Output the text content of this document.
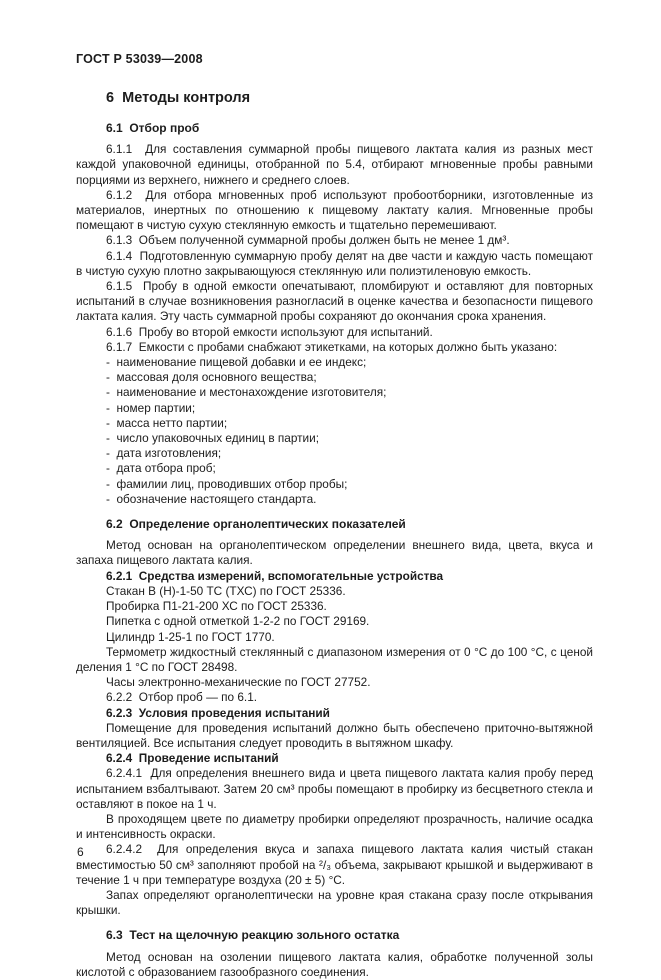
ГОСТ Р 53039—2008
6  Методы контроля
6.1  Отбор проб
6.1.1  Для составления суммарной пробы пищевого лактата калия из разных мест каждой упаковочной единицы, отобранной по 5.4, отбирают мгновенные пробы равными порциями из верхнего, нижнего и среднего слоев.
6.1.2  Для отбора мгновенных проб используют пробоотборники, изготовленные из материалов, инертных по отношению к пищевому лактату калия. Мгновенные пробы помещают в чистую сухую стеклянную емкость и тщательно перемешивают.
6.1.3  Объем полученной суммарной пробы должен быть не менее 1 дм³.
6.1.4  Подготовленную суммарную пробу делят на две части и каждую часть помещают в чистую сухую плотно закрывающуюся стеклянную или полиэтиленовую емкость.
6.1.5  Пробу в одной емкости опечатывают, пломбируют и оставляют для повторных испытаний в случае возникновения разногласий в оценке качества и безопасности пищевого лактата калия. Эту часть суммарной пробы сохраняют до окончания срока хранения.
6.1.6  Пробу во второй емкости используют для испытаний.
6.1.7  Емкости с пробами снабжают этикетками, на которых должно быть указано:
-  наименование пищевой добавки и ее индекс;
-  массовая доля основного вещества;
-  наименование и местонахождение изготовителя;
-  номер партии;
-  масса нетто партии;
-  число упаковочных единиц в партии;
-  дата изготовления;
-  дата отбора проб;
-  фамилии лиц, проводивших отбор пробы;
-  обозначение настоящего стандарта.
6.2  Определение органолептических показателей
Метод основан на органолептическом определении внешнего вида, цвета, вкуса и запаха пищевого лактата калия.
6.2.1  Средства измерений, вспомогательные устройства
Стакан В (Н)-1-50 ТС (ТХС) по ГОСТ 25336.
Пробирка П1-21-200 ХС по ГОСТ 25336.
Пипетка с одной отметкой 1-2-2 по ГОСТ 29169.
Цилиндр 1-25-1 по ГОСТ 1770.
Термометр жидкостный стеклянный с диапазоном измерения от 0 °С до 100 °С, с ценой деления 1 °С по ГОСТ 28498.
Часы электронно-механические по ГОСТ 27752.
6.2.2  Отбор проб — по 6.1.
6.2.3  Условия проведения испытаний
Помещение для проведения испытаний должно быть обеспечено приточно-вытяжной вентиляцией. Все испытания следует проводить в вытяжном шкафу.
6.2.4  Проведение испытаний
6.2.4.1  Для определения внешнего вида и цвета пищевого лактата калия пробу перед испытанием взбалтывают. Затем 20 см³ пробы помещают в пробирку из бесцветного стекла и оставляют в покое на 1 ч.
В проходящем цвете по диаметру пробирки определяют прозрачность, наличие осадка и интенсивность окраски.
6.2.4.2  Для определения вкуса и запаха пищевого лактата калия чистый стакан вместимостью 50 см³ заполняют пробой на ²/₃ объема, закрывают крышкой и выдерживают в течение 1 ч при температуре воздуха (20 ± 5) °С.
Запах определяют органолептически на уровне края стакана сразу после открывания крышки.
6.3  Тест на щелочную реакцию зольного остатка
Метод основан на озолении пищевого лактата калия, обработке полученной золы кислотой с образованием газообразного соединения.
6
